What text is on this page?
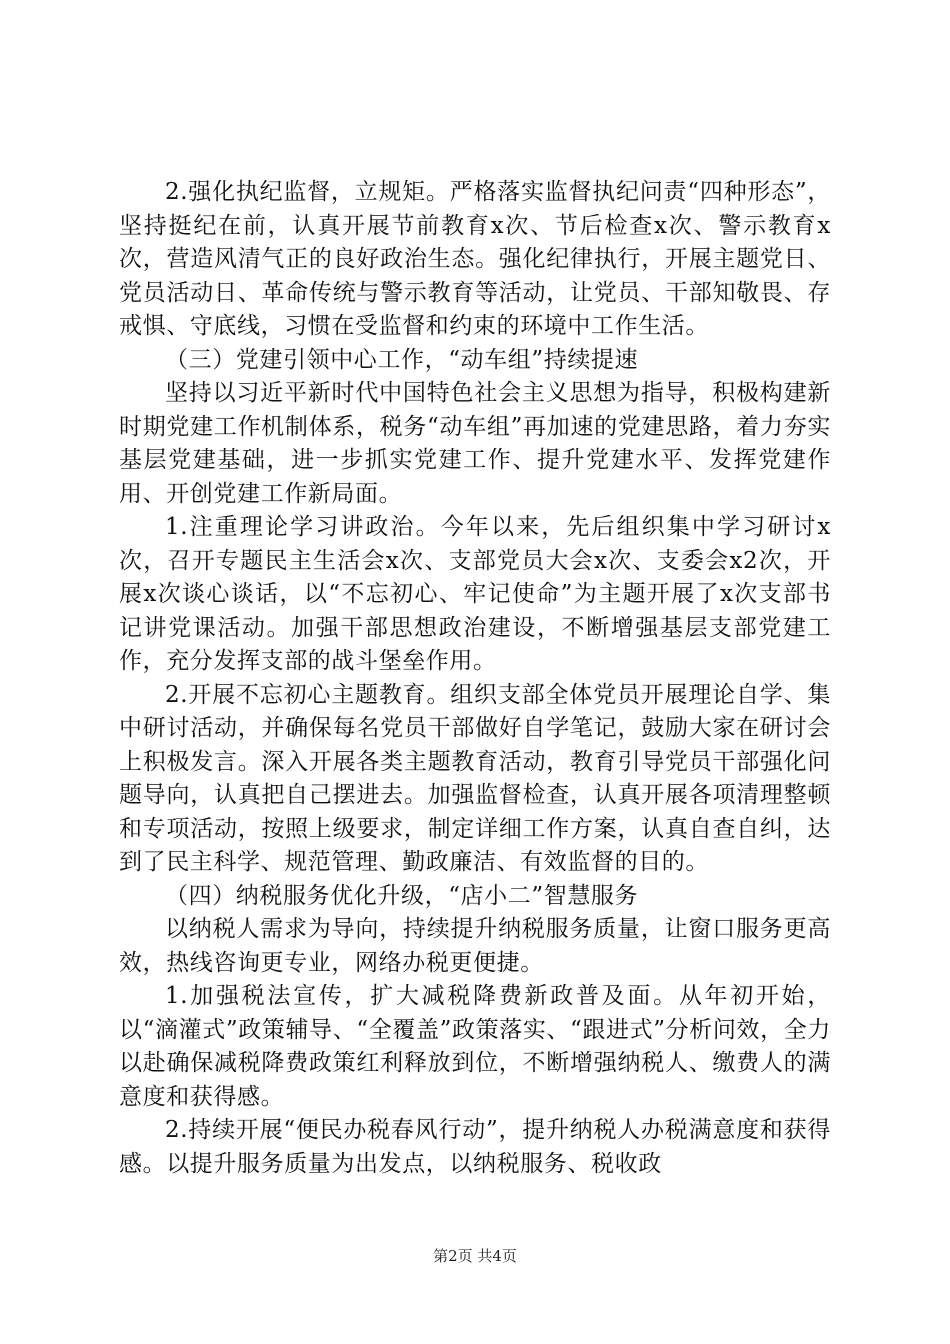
2.强化执纪监督，立规矩。严格落实监督执纪问责“四种形态”，坚持挺纪在前，认真开展节前教育x次、节后检查x次、警示教育x次，营造风清气正的良好政治生态。强化纪律执行，开展主题党日、党员活动日、革命传统与警示教育等活动，让党员、干部知敬畏、存戒惧、守底线，习惯在受监督和约束的环境中工作生活。

（三）党建引领中心工作，“动车组”持续提速

坚持以习近平新时代中国特色社会主义思想为指导，积极构建新时期党建工作机制体系，税务“动车组”再加速的党建思路，着力夯实基层党建基础，进一步抓实党建工作、提升党建水平、发挥党建作用、开创党建工作新局面。

1.注重理论学习讲政治。今年以来，先后组织集中学习研讨x次，召开专题民主生活会x次、支部党员大会x次、支委会x2次，开展x次谈心谈话，以“不忘初心、牢记使命”为主题开展了x次支部书记讲党课活动。加强干部思想政治建设，不断增强基层支部党建工作，充分发挥支部的战斗堡垒作用。

2.开展不忘初心主题教育。组织支部全体党员开展理论自学、集中研讨活动，并确保每名党员干部做好自学笔记，鼓励大家在研讨会上积极发言。深入开展各类主题教育活动，教育引导党员干部强化问题导向，认真把自己摆进去。加强监督检查，认真开展各项清理整顿和专项活动，按照上级要求，制定详细工作方案，认真自查自纠，达到了民主科学、规范管理、勤政廉洁、有效监督的目的。

（四）纳税服务优化升级，“店小二”智慧服务

以纳税人需求为导向，持续提升纳税服务质量，让窗口服务更高效，热线咨询更专业，网络办税更便捷。

1.加强税法宣传，扩大减税降费新政普及面。从年初开始，以“滴灌式”政策辅导、“全覆盖”政策落实、“跟进式”分析问效，全力以赴确保减税降费政策红利释放到位，不断增强纳税人、缴费人的满意度和获得感。

2.持续开展“便民办税春风行动”，提升纳税人办税满意度和获得感。以提升服务质量为出发点，以纳税服务、税收政

第2页 共4页
